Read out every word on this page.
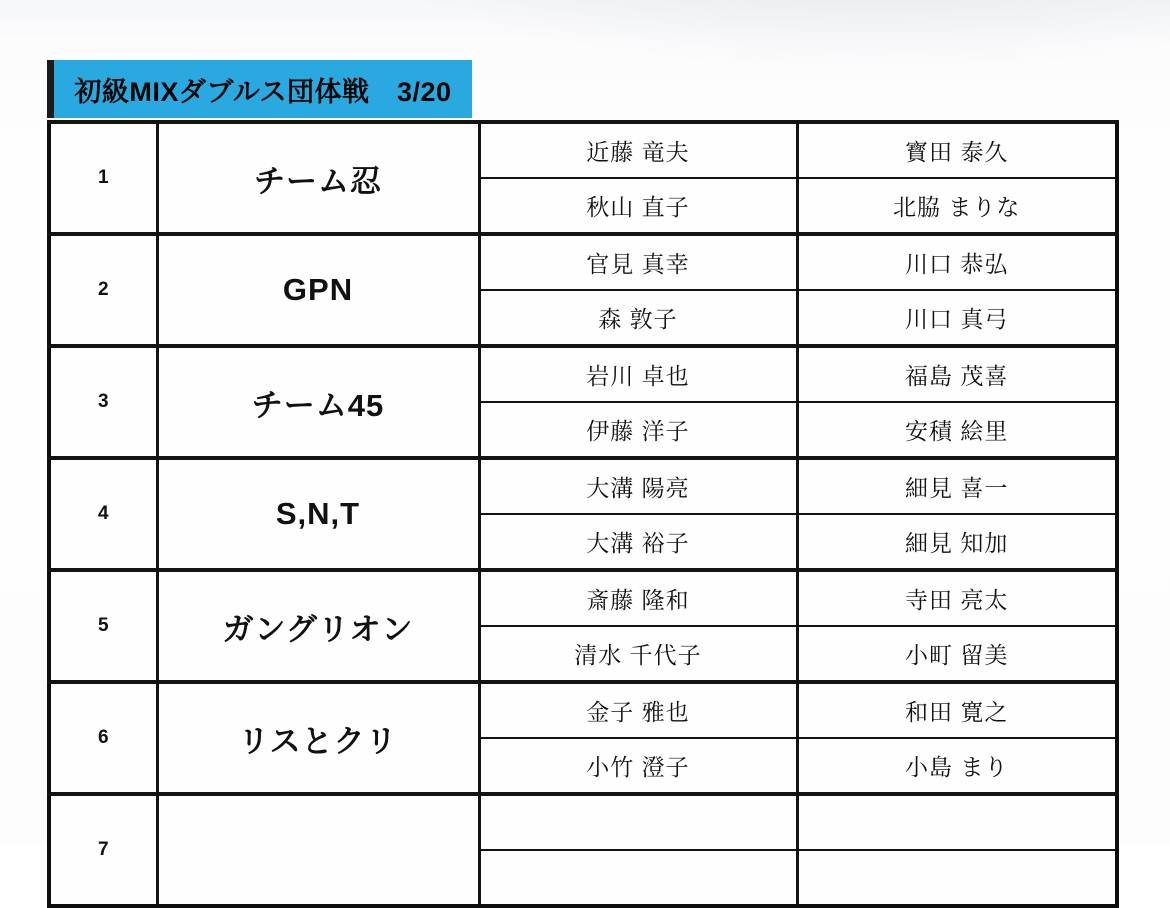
初級MIXダブルス団体戦　3/20
1	チーム忍	近藤 竜夫	寳田 泰久
		秋山 直子	北脇 まりな
2	GPN	官見 真幸	川口 恭弘
		森 敦子	川口 真弓
3	チーム45	岩川 卓也	福島 茂喜
		伊藤 洋子	安積 絵里
4	S,N,T	大溝 陽亮	細見 喜一
		大溝 裕子	細見 知加
5	ガングリオン	斎藤 隆和	寺田 亮太
		清水 千代子	小町 留美
6	リスとクリ	金子 雅也	和田 寛之
		小竹 澄子	小島 まり
7			
